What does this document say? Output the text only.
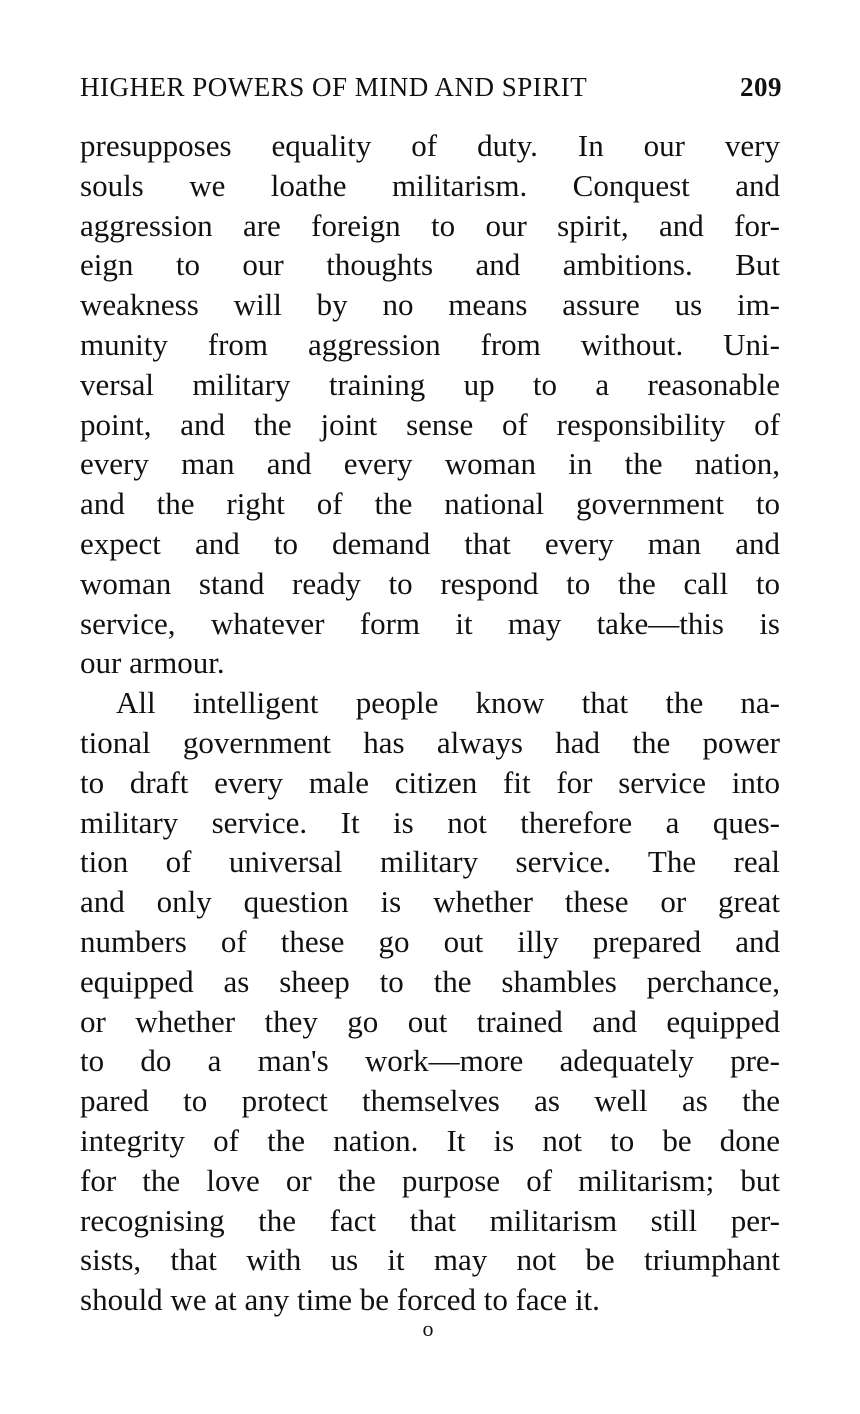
HIGHER POWERS OF MIND AND SPIRIT	209
presupposes equality of duty. In our very
souls we loathe militarism. Conquest and
aggression are foreign to our spirit, and for-
eign to our thoughts and ambitions. But
weakness will by no means assure us im-
munity from aggression from without. Uni-
versal military training up to a reasonable
point, and the joint sense of responsibility of
every man and every woman in the nation,
and the right of the national government to
expect and to demand that every man and
woman stand ready to respond to the call to
service, whatever form it may take—this is
our armour.
All intelligent people know that the na-
tional government has always had the power
to draft every male citizen fit for service into
military service. It is not therefore a ques-
tion of universal military service. The real
and only question is whether these or great
numbers of these go out illy prepared and
equipped as sheep to the shambles perchance,
or whether they go out trained and equipped
to do a man's work—more adequately pre-
pared to protect themselves as well as the
integrity of the nation. It is not to be done
for the love or the purpose of militarism; but
recognising the fact that militarism still per-
sists, that with us it may not be triumphant
should we at any time be forced to face it.
o
